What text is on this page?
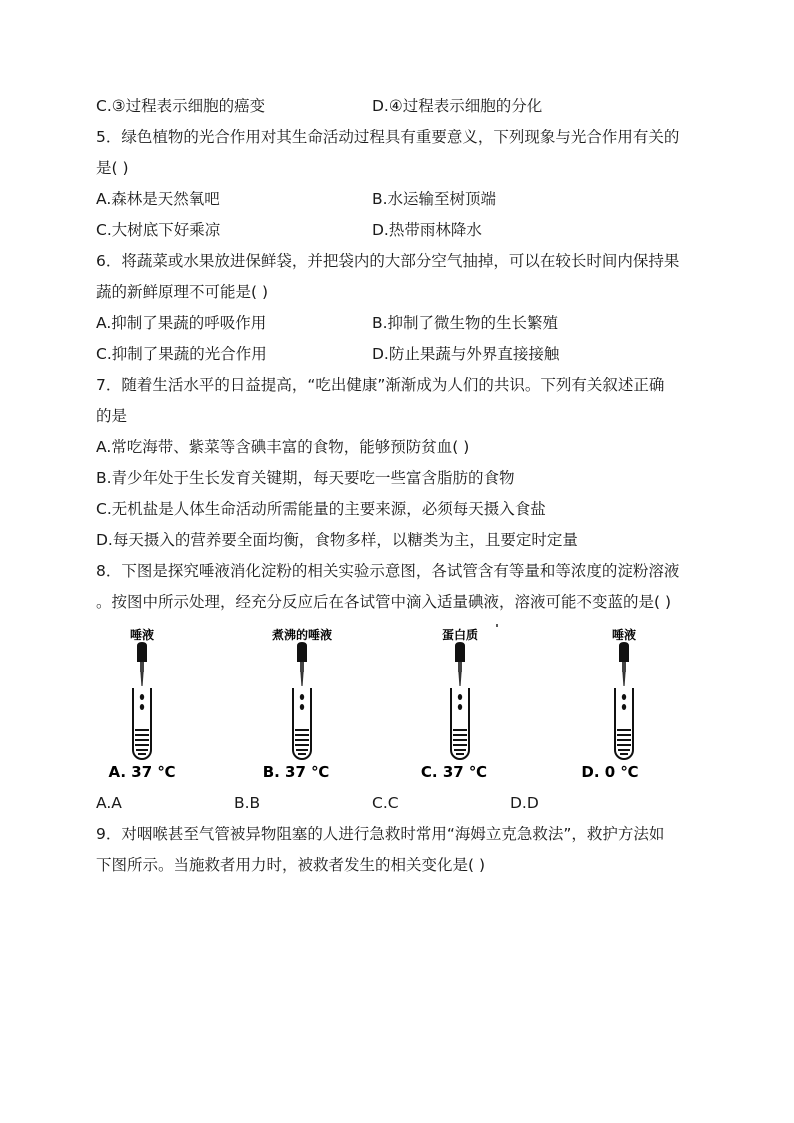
C.③过程表示细胞的癌变	D.④过程表示细胞的分化
5．绿色植物的光合作用对其生命活动过程具有重要意义，下列现象与光合作用有关的
是( )
A.森林是天然氧吧	B.水运输至树顶端
C.大树底下好乘凉	D.热带雨林降水
6．将蔬菜或水果放进保鲜袋，并把袋内的大部分空气抽掉，可以在较长时间内保持果
蔬的新鲜原理不可能是( )
A.抑制了果蔬的呼吸作用	B.抑制了微生物的生长繁殖
C.抑制了果蔬的光合作用	D.防止果蔬与外界直接接触
7．随着生活水平的日益提高，“吃出健康”渐渐成为人们的共识。下列有关叙述正确
的是
A.常吃海带、紫菜等含碘丰富的食物，能够预防贫血( )
B.青少年处于生长发育关键期，每天要吃一些富含脂肪的食物
C.无机盐是人体生命活动所需能量的主要来源，必须每天摄入食盐
D.每天摄入的营养要全面均衡，食物多样，以糖类为主，且要定时定量
8．下图是探究唾液消化淀粉的相关实验示意图，各试管含有等量和等浓度的淀粉溶液
。按图中所示处理，经充分反应后在各试管中滴入适量碘液，溶液可能不变蓝的是( )
唾液
A. 37 ℃
煮沸的唾液
B. 37 ℃
蛋白质
C. 37 ℃
唾液
D. 0 ℃
A.A	B.B	C.C	D.D
9．对咽喉甚至气管被异物阻塞的人进行急救时常用“海姆立克急救法”，救护方法如
下图所示。当施救者用力时，被救者发生的相关变化是( )
